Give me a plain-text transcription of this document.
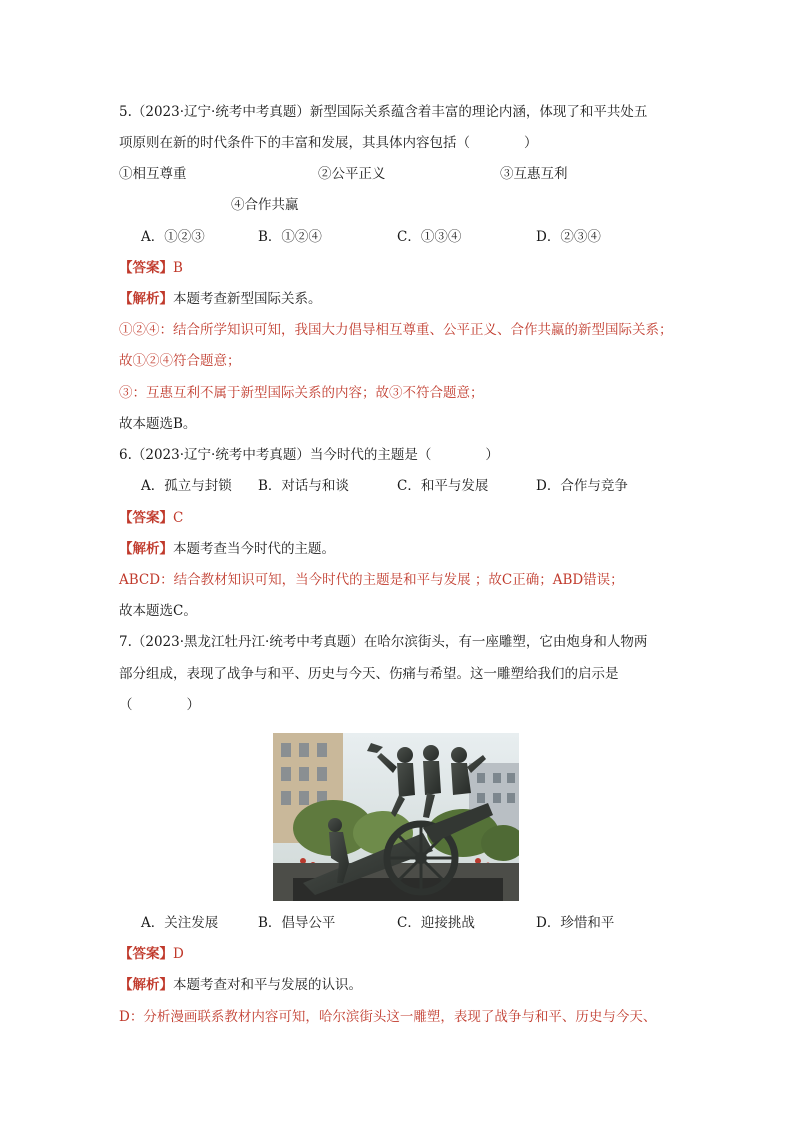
5.（2023·辽宁·统考中考真题）新型国际关系蕴含着丰富的理论内涵，体现了和平共处五
项原则在新的时代条件下的丰富和发展，其具体内容包括（　　　　）
①相互尊重	②公平正义	③互惠互利
④合作共赢
A．①②③	B．①②④	C．①③④	D．②③④
【答案】B
【解析】本题考查新型国际关系。
①②④：结合所学知识可知，我国大力倡导相互尊重、公平正义、合作共赢的新型国际关系；
故①②④符合题意；
③：互惠互利不属于新型国际关系的内容；故③不符合题意；
故本题选B。
6.（2023·辽宁·统考中考真题）当今时代的主题是（　　　　）
A．孤立与封锁 B．对话与和谈	C．和平与发展	D．合作与竞争
【答案】C
【解析】本题考查当今时代的主题。
ABCD：结合教材知识可知，当今时代的主题是和平与发展 ；故C正确；ABD错误；
故本题选C。
7.（2023·黑龙江牡丹江·统考中考真题）在哈尔滨街头，有一座雕塑，它由炮身和人物两
部分组成，表现了战争与和平、历史与今天、伤痛与希望。这一雕塑给我们的启示是
（　　　　）
A．关注发展	B．倡导公平	C．迎接挑战	D．珍惜和平
【答案】D
【解析】本题考查对和平与发展的认识。
D：分析漫画联系教材内容可知，哈尔滨街头这一雕塑，表现了战争与和平、历史与今天、
